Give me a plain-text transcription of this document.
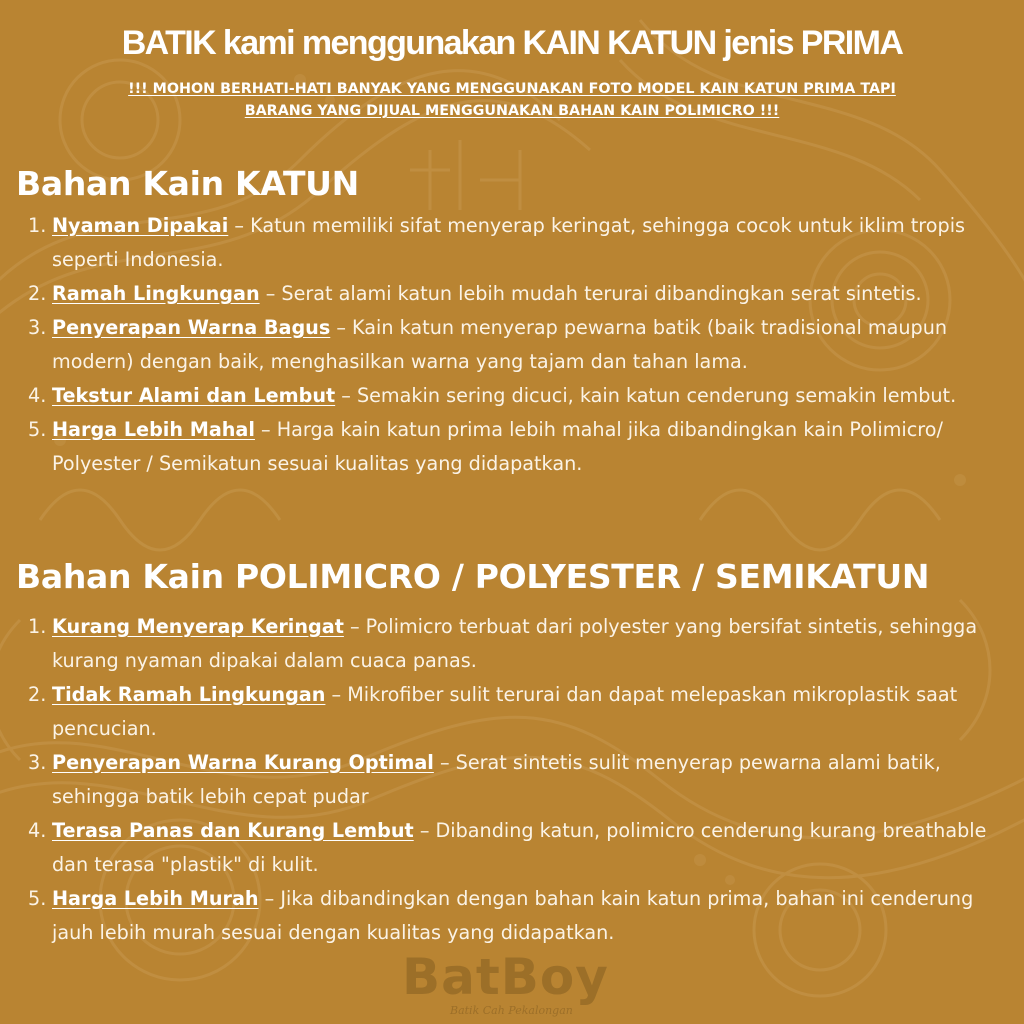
BATIK kami menggunakan KAIN KATUN jenis PRIMA
!!! MOHON BERHATI-HATI BANYAK YANG MENGGUNAKAN FOTO MODEL KAIN KATUN PRIMA TAPI
BARANG YANG DIJUAL MENGGUNAKAN BAHAN KAIN POLIMICRO !!!
Bahan Kain KATUN
1. Nyaman Dipakai – Katun memiliki sifat menyerap keringat, sehingga cocok untuk iklim tropis seperti Indonesia.
2. Ramah Lingkungan – Serat alami katun lebih mudah terurai dibandingkan serat sintetis.
3. Penyerapan Warna Bagus – Kain katun menyerap pewarna batik (baik tradisional maupun modern) dengan baik, menghasilkan warna yang tajam dan tahan lama.
4. Tekstur Alami dan Lembut – Semakin sering dicuci, kain katun cenderung semakin lembut.
5. Harga Lebih Mahal – Harga kain katun prima lebih mahal jika dibandingkan kain Polimicro/ Polyester / Semikatun sesuai kualitas yang didapatkan.
Bahan Kain POLIMICRO / POLYESTER / SEMIKATUN
1. Kurang Menyerap Keringat – Polimicro terbuat dari polyester yang bersifat sintetis, sehingga kurang nyaman dipakai dalam cuaca panas.
2. Tidak Ramah Lingkungan – Mikrofiber sulit terurai dan dapat melepaskan mikroplastik saat pencucian.
3. Penyerapan Warna Kurang Optimal – Serat sintetis sulit menyerap pewarna alami batik, sehingga batik lebih cepat pudar
4. Terasa Panas dan Kurang Lembut – Dibanding katun, polimicro cenderung kurang breathable dan terasa "plastik" di kulit.
5. Harga Lebih Murah – Jika dibandingkan dengan bahan kain katun prima, bahan ini cenderung jauh lebih murah sesuai dengan kualitas yang didapatkan.
BatBoy
Batik Cah Pekalongan
